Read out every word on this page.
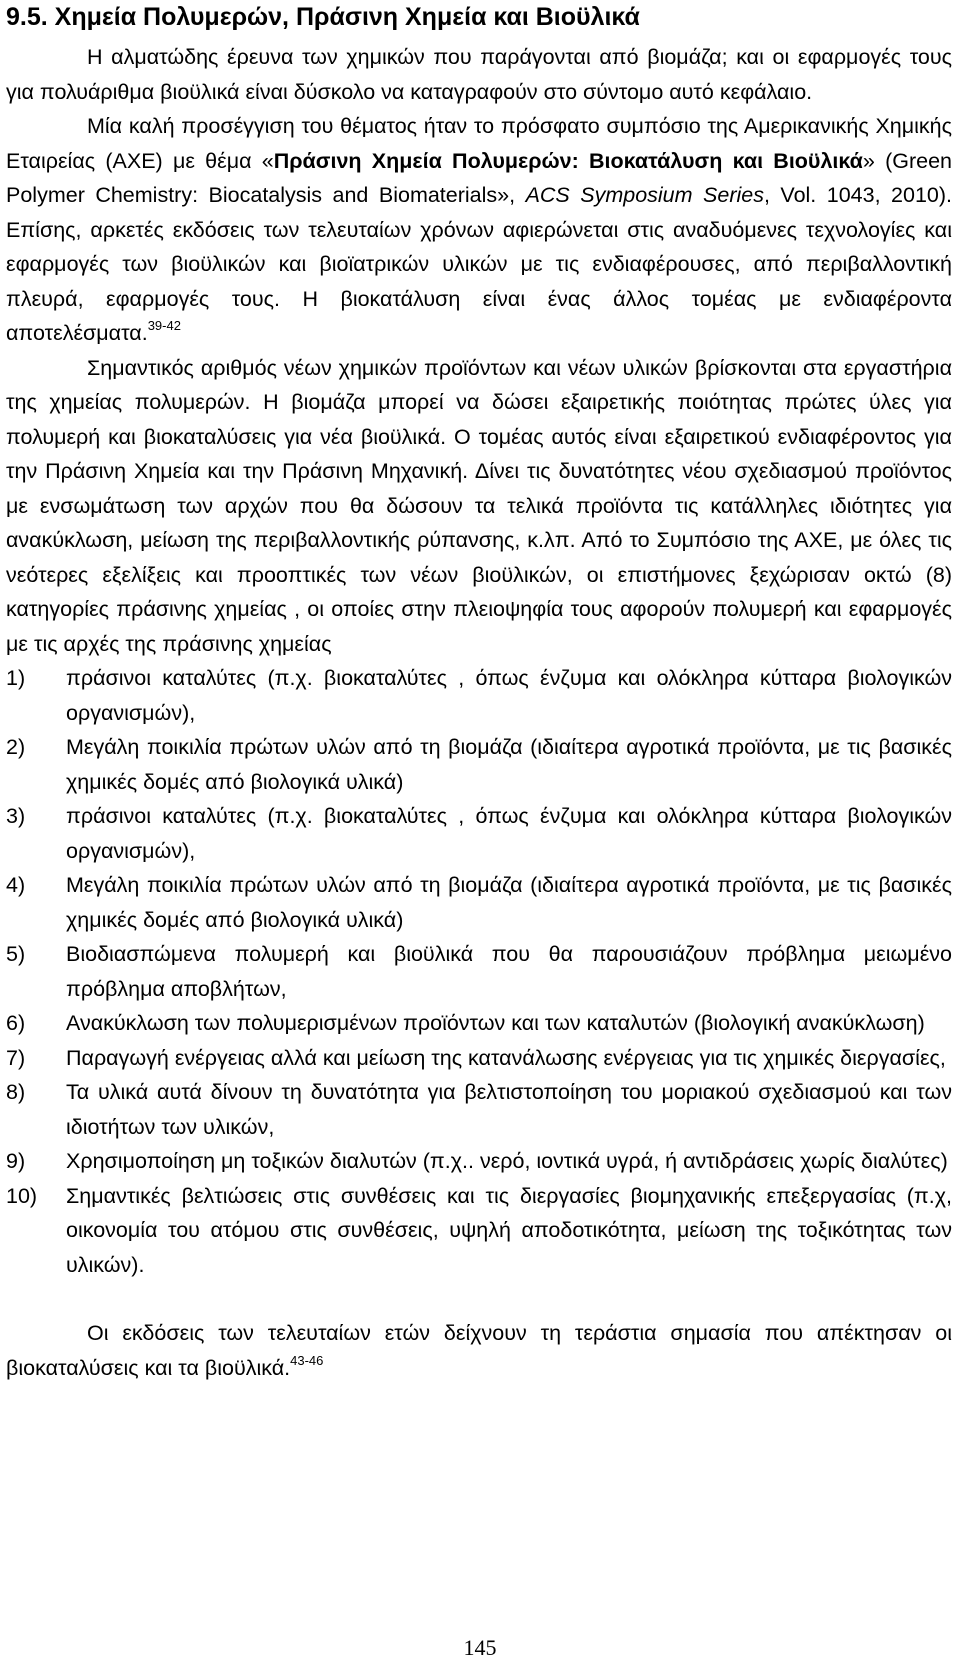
9.5. Χημεία Πολυμερών, Πράσινη Χημεία και Βιοϋλικά

Η αλματώδης έρευνα των χημικών που παράγονται από βιομάζα; και οι εφαρμογές τους για πολυάριθμα βιοϋλικά είναι δύσκολο να καταγραφούν στο σύντομο αυτό κεφάλαιο.

Μία καλή προσέγγιση του θέματος ήταν το πρόσφατο συμπόσιο της Αμερικανικής Χημικής Εταιρείας (ΑΧΕ) με θέμα «Πράσινη Χημεία Πολυμερών: Βιοκατάλυση και Βιοϋλικά» (Green Polymer Chemistry: Biocatalysis and Biomaterials», ACS Symposium Series, Vol. 1043, 2010). Επίσης, αρκετές εκδόσεις των τελευταίων χρόνων αφιερώνεται στις αναδυόμενες τεχνολογίες και εφαρμογές των βιοϋλικών και βιοϊατρικών υλικών με τις ενδιαφέρουσες, από περιβαλλοντική πλευρά, εφαρμογές τους. Η βιοκατάλυση είναι ένας άλλος τομέας με ενδιαφέροντα αποτελέσματα.$^{39-42}$

Σημαντικός αριθμός νέων χημικών προϊόντων και νέων υλικών βρίσκονται στα εργαστήρια της χημείας πολυμερών. Η βιομάζα μπορεί να δώσει εξαιρετικής ποιότητας πρώτες ύλες για πολυμερή και βιοκαταλύσεις για νέα βιοϋλικά. Ο τομέας αυτός είναι εξαιρετικού ενδιαφέροντος για την Πράσινη Χημεία και την Πράσινη Μηχανική. Δίνει τις δυνατότητες νέου σχεδιασμού προϊόντος με ενσωμάτωση των αρχών που θα δώσουν τα τελικά προϊόντα τις κατάλληλες ιδιότητες για ανακύκλωση, μείωση της περιβαλλοντικής ρύπανσης, κ.λπ. Από το Συμπόσιο της ΑΧΕ, με όλες τις νεότερες εξελίξεις και προοπτικές των νέων βιοϋλικών, οι επιστήμονες ξεχώρισαν οκτώ (8) κατηγορίες πράσινης χημείας , οι οποίες στην πλειοψηφία τους αφορούν πολυμερή και εφαρμογές με τις αρχές της πράσινης χημείας

1) πράσινοι καταλύτες (π.χ. βιοκαταλύτες , όπως ένζυμα και ολόκληρα κύτταρα βιολογικών οργανισμών),
2) Μεγάλη ποικιλία πρώτων υλών από τη βιομάζα (ιδιαίτερα αγροτικά προϊόντα, με τις βασικές χημικές δομές από βιολογικά υλικά)
3) πράσινοι καταλύτες (π.χ. βιοκαταλύτες , όπως ένζυμα και ολόκληρα κύτταρα βιολογικών οργανισμών),
4) Μεγάλη ποικιλία πρώτων υλών από τη βιομάζα (ιδιαίτερα αγροτικά προϊόντα, με τις βασικές χημικές δομές από βιολογικά υλικά)
5) Βιοδιασπώμενα πολυμερή και βιοϋλικά που θα παρουσιάζουν πρόβλημα μειωμένο πρόβλημα αποβλήτων,
6) Ανακύκλωση των πολυμερισμένων προϊόντων και των καταλυτών (βιολογική ανακύκλωση)
7) Παραγωγή ενέργειας αλλά και μείωση της κατανάλωσης ενέργειας για τις χημικές διεργασίες,
8) Τα υλικά αυτά δίνουν τη δυνατότητα για βελτιστοποίηση του μοριακού σχεδιασμού και των ιδιοτήτων των υλικών,
9) Χρησιμοποίηση μη τοξικών διαλυτών (π.χ.. νερό, ιοντικά υγρά, ή αντιδράσεις χωρίς διαλύτες)
10) Σημαντικές βελτιώσεις στις συνθέσεις και τις διεργασίες βιομηχανικής επεξεργασίας (π.χ, οικονομία του ατόμου στις συνθέσεις, υψηλή αποδοτικότητα, μείωση της τοξικότητας των υλικών).

Οι εκδόσεις των τελευταίων ετών δείχνουν τη τεράστια σημασία που απέκτησαν οι βιοκαταλύσεις και τα βιοϋλικά.$^{43-46}$

145
